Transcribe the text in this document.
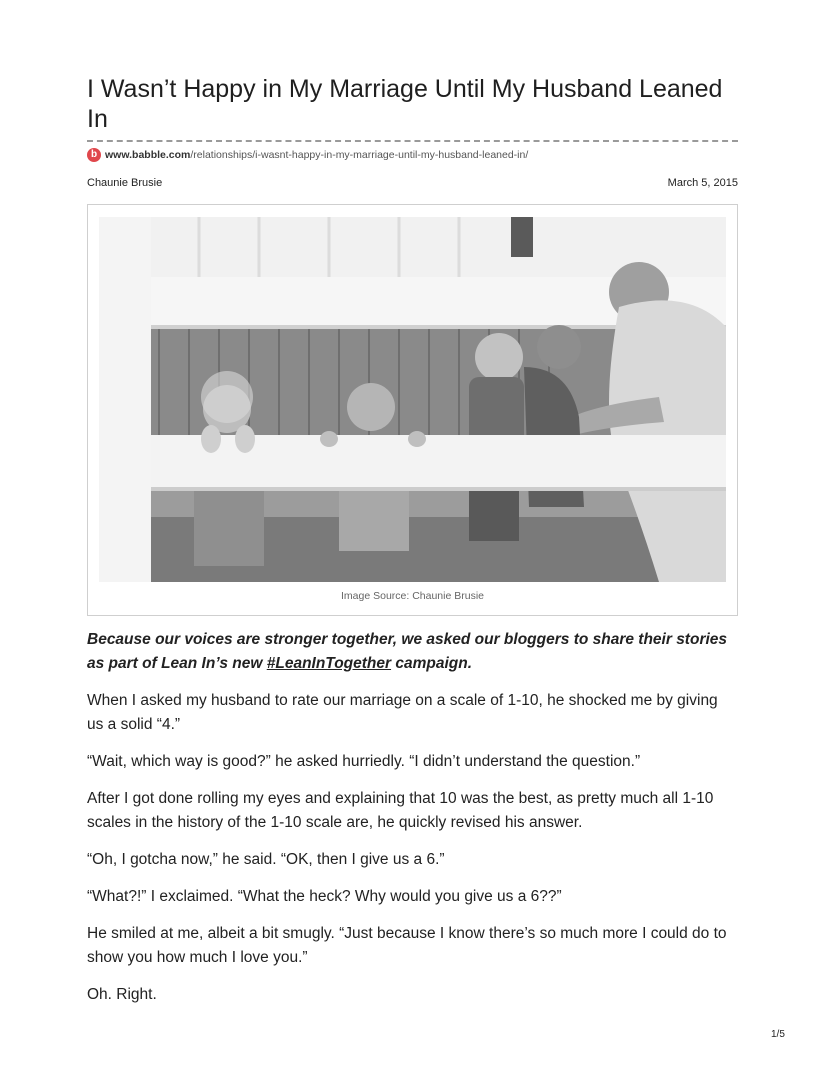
I Wasn’t Happy in My Marriage Until My Husband Leaned In
b www.babble.com/relationships/i-wasnt-happy-in-my-marriage-until-my-husband-leaned-in/
Chaunie Brusie	March 5, 2015
Image Source: Chaunie Brusie

Because our voices are stronger together, we asked our bloggers to share their stories as part of Lean In’s new #LeanInTogether campaign.

When I asked my husband to rate our marriage on a scale of 1-10, he shocked me by giving us a solid “4.”

“Wait, which way is good?” he asked hurriedly. “I didn’t understand the question.”

After I got done rolling my eyes and explaining that 10 was the best, as pretty much all 1-10 scales in the history of the 1-10 scale are, he quickly revised his answer.

“Oh, I gotcha now,” he said. “OK, then I give us a 6.”

“What?!” I exclaimed. “What the heck? Why would you give us a 6??”

He smiled at me, albeit a bit smugly. “Just because I know there’s so much more I could do to show you how much I love you.”

Oh. Right.

1/5
